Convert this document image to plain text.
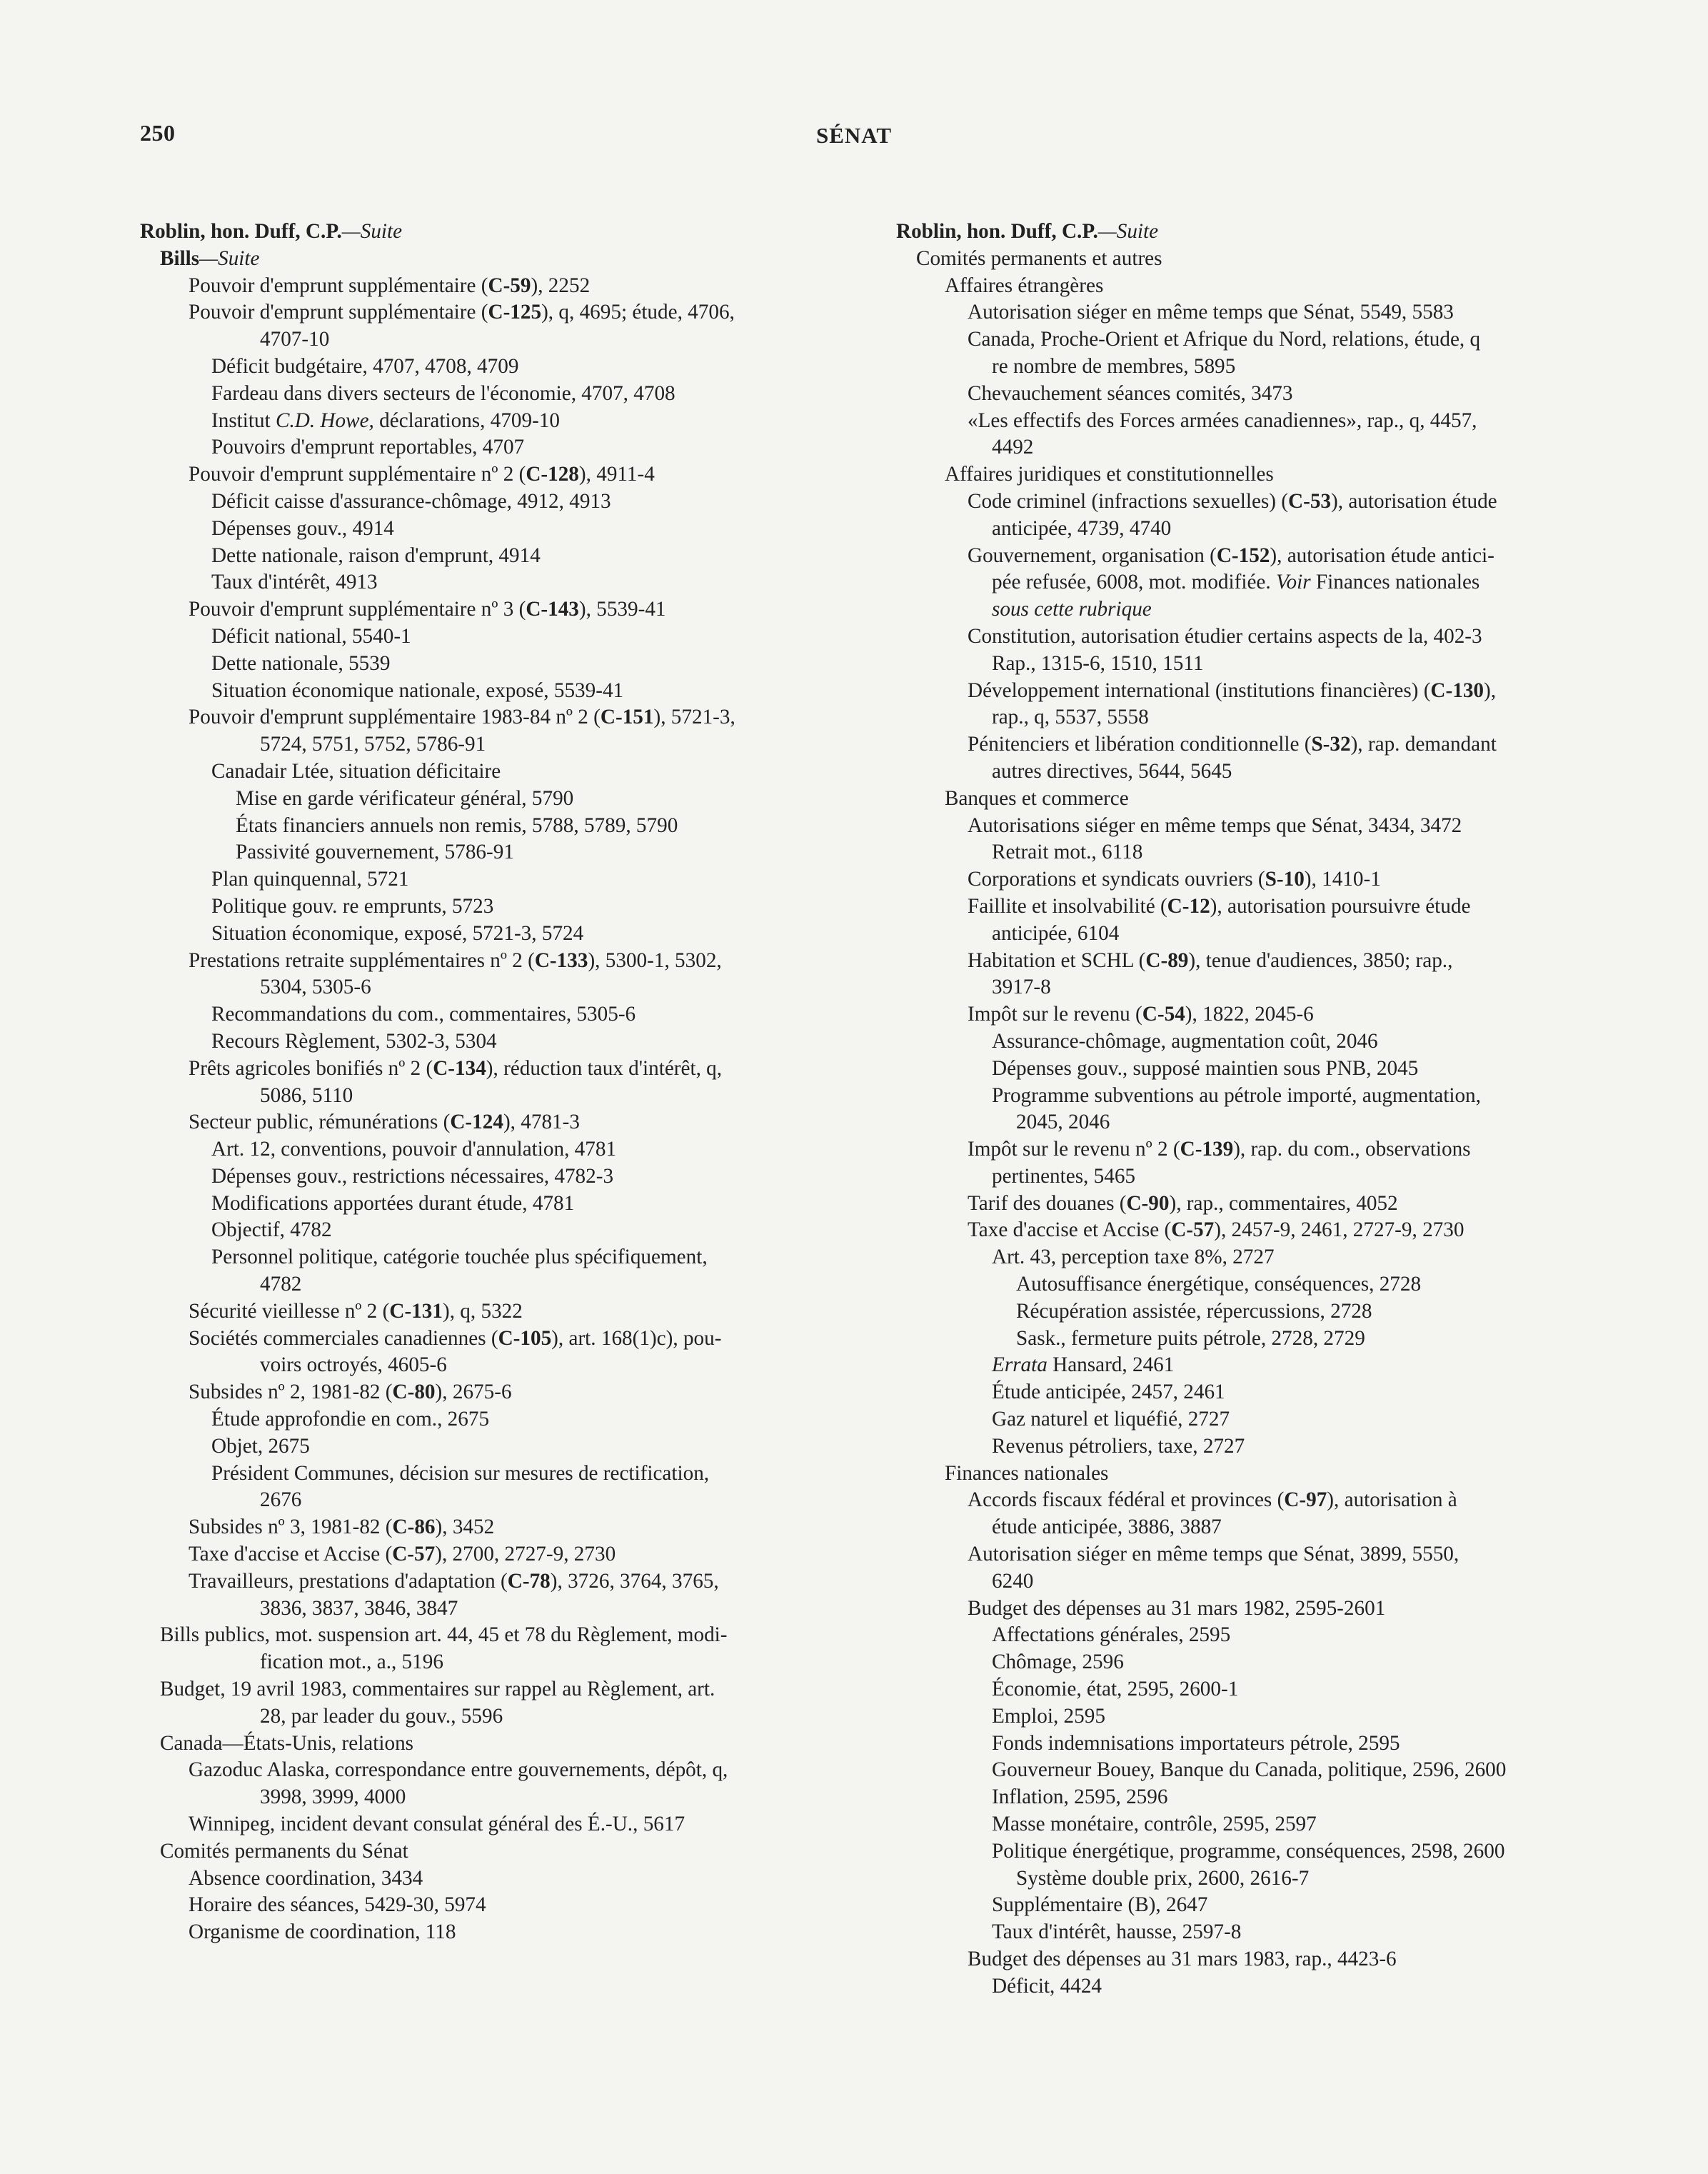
250	SÉNAT
Roblin, hon. Duff, C.P.—Suite
Bills—Suite
Pouvoir d'emprunt supplémentaire (C-59), 2252
Pouvoir d'emprunt supplémentaire (C-125), q, 4695; étude, 4706,
4707-10
Déficit budgétaire, 4707, 4708, 4709
Fardeau dans divers secteurs de l'économie, 4707, 4708
Institut C.D. Howe, déclarations, 4709-10
Pouvoirs d'emprunt reportables, 4707
Pouvoir d'emprunt supplémentaire nº 2 (C-128), 4911-4
Déficit caisse d'assurance-chômage, 4912, 4913
Dépenses gouv., 4914
Dette nationale, raison d'emprunt, 4914
Taux d'intérêt, 4913
Pouvoir d'emprunt supplémentaire nº 3 (C-143), 5539-41
Déficit national, 5540-1
Dette nationale, 5539
Situation économique nationale, exposé, 5539-41
Pouvoir d'emprunt supplémentaire 1983-84 nº 2 (C-151), 5721-3,
5724, 5751, 5752, 5786-91
Canadair Ltée, situation déficitaire
Mise en garde vérificateur général, 5790
États financiers annuels non remis, 5788, 5789, 5790
Passivité gouvernement, 5786-91
Plan quinquennal, 5721
Politique gouv. re emprunts, 5723
Situation économique, exposé, 5721-3, 5724
Prestations retraite supplémentaires nº 2 (C-133), 5300-1, 5302,
5304, 5305-6
Recommandations du com., commentaires, 5305-6
Recours Règlement, 5302-3, 5304
Prêts agricoles bonifiés nº 2 (C-134), réduction taux d'intérêt, q,
5086, 5110
Secteur public, rémunérations (C-124), 4781-3
Art. 12, conventions, pouvoir d'annulation, 4781
Dépenses gouv., restrictions nécessaires, 4782-3
Modifications apportées durant étude, 4781
Objectif, 4782
Personnel politique, catégorie touchée plus spécifiquement,
4782
Sécurité vieillesse nº 2 (C-131), q, 5322
Sociétés commerciales canadiennes (C-105), art. 168(1)c), pou-
voirs octroyés, 4605-6
Subsides nº 2, 1981-82 (C-80), 2675-6
Étude approfondie en com., 2675
Objet, 2675
Président Communes, décision sur mesures de rectification,
2676
Subsides nº 3, 1981-82 (C-86), 3452
Taxe d'accise et Accise (C-57), 2700, 2727-9, 2730
Travailleurs, prestations d'adaptation (C-78), 3726, 3764, 3765,
3836, 3837, 3846, 3847
Bills publics, mot. suspension art. 44, 45 et 78 du Règlement, modi-
fication mot., a., 5196
Budget, 19 avril 1983, commentaires sur rappel au Règlement, art.
28, par leader du gouv., 5596
Canada—États-Unis, relations
Gazoduc Alaska, correspondance entre gouvernements, dépôt, q,
3998, 3999, 4000
Winnipeg, incident devant consulat général des É.-U., 5617
Comités permanents du Sénat
Absence coordination, 3434
Horaire des séances, 5429-30, 5974
Organisme de coordination, 118
Roblin, hon. Duff, C.P.—Suite
Comités permanents et autres
Affaires étrangères
Autorisation siéger en même temps que Sénat, 5549, 5583
Canada, Proche-Orient et Afrique du Nord, relations, étude, q
re nombre de membres, 5895
Chevauchement séances comités, 3473
«Les effectifs des Forces armées canadiennes», rap., q, 4457,
4492
Affaires juridiques et constitutionnelles
Code criminel (infractions sexuelles) (C-53), autorisation étude
anticipée, 4739, 4740
Gouvernement, organisation (C-152), autorisation étude antici-
pée refusée, 6008, mot. modifiée. Voir Finances nationales
sous cette rubrique
Constitution, autorisation étudier certains aspects de la, 402-3
Rap., 1315-6, 1510, 1511
Développement international (institutions financières) (C-130),
rap., q, 5537, 5558
Pénitenciers et libération conditionnelle (S-32), rap. demandant
autres directives, 5644, 5645
Banques et commerce
Autorisations siéger en même temps que Sénat, 3434, 3472
Retrait mot., 6118
Corporations et syndicats ouvriers (S-10), 1410-1
Faillite et insolvabilité (C-12), autorisation poursuivre étude
anticipée, 6104
Habitation et SCHL (C-89), tenue d'audiences, 3850; rap.,
3917-8
Impôt sur le revenu (C-54), 1822, 2045-6
Assurance-chômage, augmentation coût, 2046
Dépenses gouv., supposé maintien sous PNB, 2045
Programme subventions au pétrole importé, augmentation,
2045, 2046
Impôt sur le revenu nº 2 (C-139), rap. du com., observations
pertinentes, 5465
Tarif des douanes (C-90), rap., commentaires, 4052
Taxe d'accise et Accise (C-57), 2457-9, 2461, 2727-9, 2730
Art. 43, perception taxe 8%, 2727
Autosuffisance énergétique, conséquences, 2728
Récupération assistée, répercussions, 2728
Sask., fermeture puits pétrole, 2728, 2729
Errata Hansard, 2461
Étude anticipée, 2457, 2461
Gaz naturel et liquéfié, 2727
Revenus pétroliers, taxe, 2727
Finances nationales
Accords fiscaux fédéral et provinces (C-97), autorisation à
étude anticipée, 3886, 3887
Autorisation siéger en même temps que Sénat, 3899, 5550,
6240
Budget des dépenses au 31 mars 1982, 2595-2601
Affectations générales, 2595
Chômage, 2596
Économie, état, 2595, 2600-1
Emploi, 2595
Fonds indemnisations importateurs pétrole, 2595
Gouverneur Bouey, Banque du Canada, politique, 2596, 2600
Inflation, 2595, 2596
Masse monétaire, contrôle, 2595, 2597
Politique énergétique, programme, conséquences, 2598, 2600
Système double prix, 2600, 2616-7
Supplémentaire (B), 2647
Taux d'intérêt, hausse, 2597-8
Budget des dépenses au 31 mars 1983, rap., 4423-6
Déficit, 4424
